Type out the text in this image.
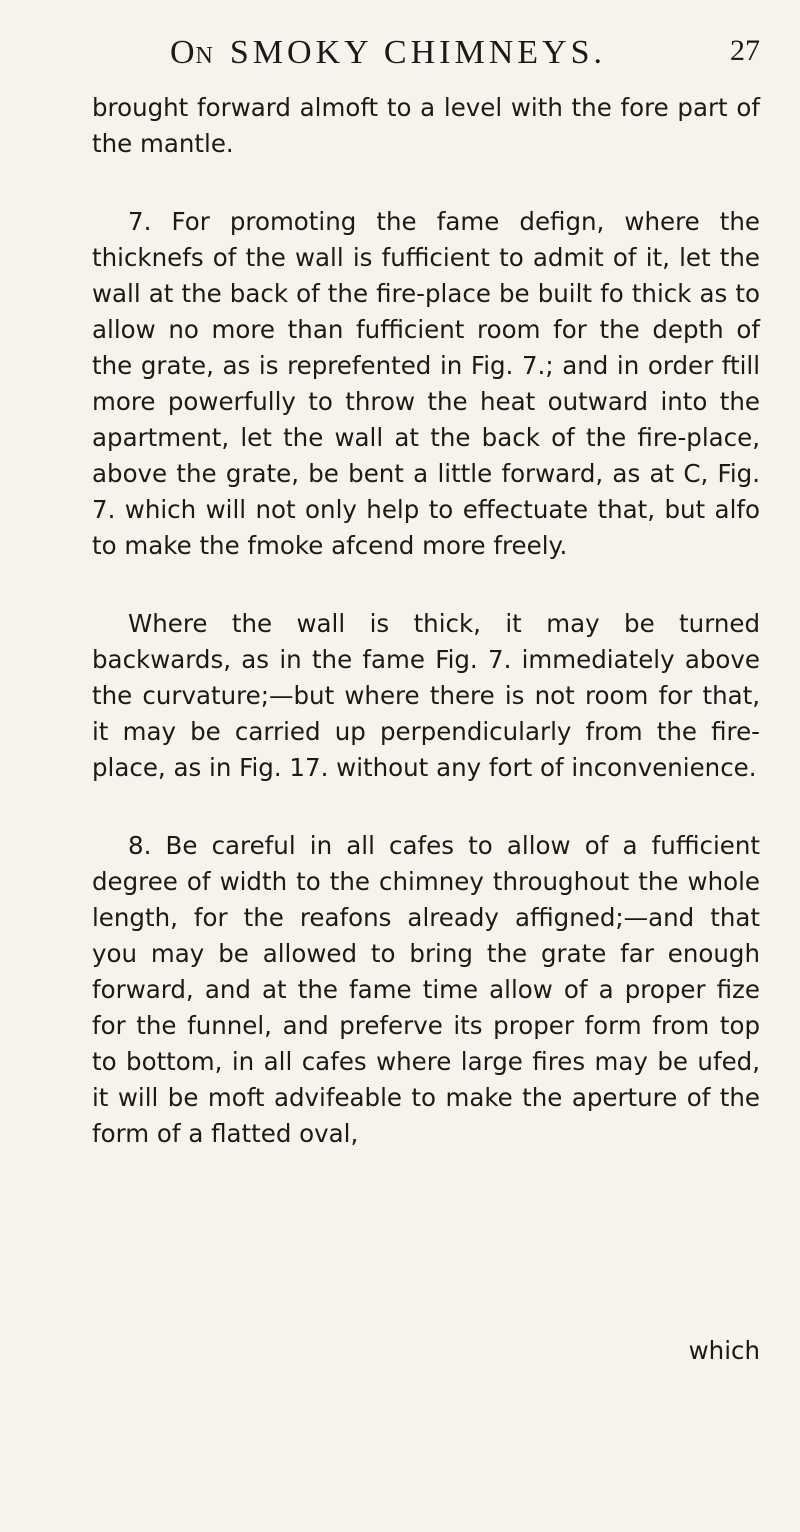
On SMOKY CHIMNEYS.	27

brought forward almoft to a level with the fore part of the mantle.

7. For promoting the fame defign, where the thicknefs of the wall is fufficient to admit of it, let the wall at the back of the fire-place be built fo thick as to allow no more than fufficient room for the depth of the grate, as is reprefented in Fig. 7.; and in order ftill more powerfully to throw the heat outward into the apartment, let the wall at the back of the fire-place, above the grate, be bent a little forward, as at C, Fig. 7. which will not only help to effectuate that, but alfo to make the fmoke afcend more freely.

Where the wall is thick, it may be turned backwards, as in the fame Fig. 7. immediately above the curvature;—but where there is not room for that, it may be carried up perpendicularly from the fire-place, as in Fig. 17. without any fort of inconvenience.

8. Be careful in all cafes to allow of a fufficient degree of width to the chimney throughout the whole length, for the reafons already affigned;—and that you may be allowed to bring the grate far enough forward, and at the fame time allow of a proper fize for the funnel, and preferve its proper form from top to bottom, in all cafes where large fires may be ufed, it will be moft advifeable to make the aperture of the form of a flatted oval,

which
